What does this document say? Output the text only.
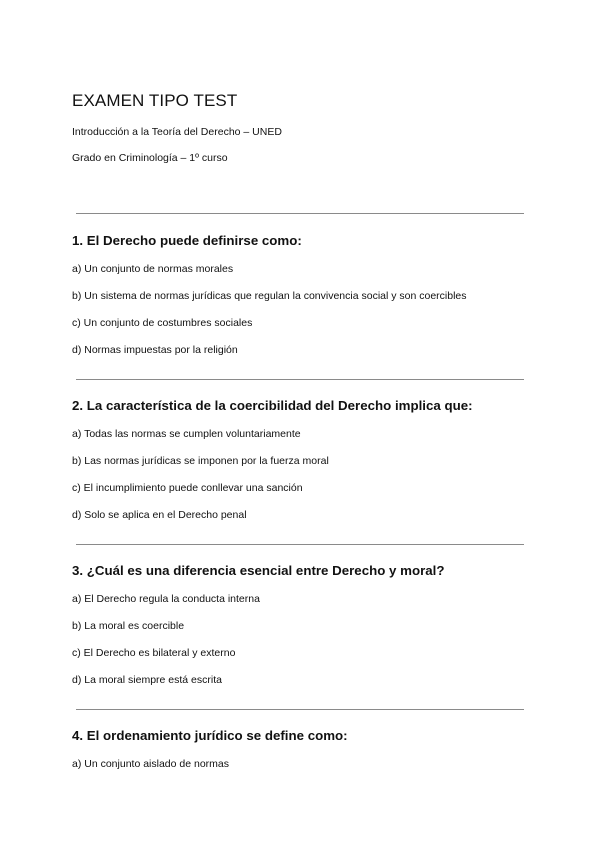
EXAMEN TIPO TEST

Introducción a la Teoría del Derecho – UNED

Grado en Criminología – 1º curso

1. El Derecho puede definirse como:

a) Un conjunto de normas morales

b) Un sistema de normas jurídicas que regulan la convivencia social y son coercibles

c) Un conjunto de costumbres sociales

d) Normas impuestas por la religión

2. La característica de la coercibilidad del Derecho implica que:

a) Todas las normas se cumplen voluntariamente

b) Las normas jurídicas se imponen por la fuerza moral

c) El incumplimiento puede conllevar una sanción

d) Solo se aplica en el Derecho penal

3. ¿Cuál es una diferencia esencial entre Derecho y moral?

a) El Derecho regula la conducta interna

b) La moral es coercible

c) El Derecho es bilateral y externo

d) La moral siempre está escrita

4. El ordenamiento jurídico se define como:

a) Un conjunto aislado de normas
